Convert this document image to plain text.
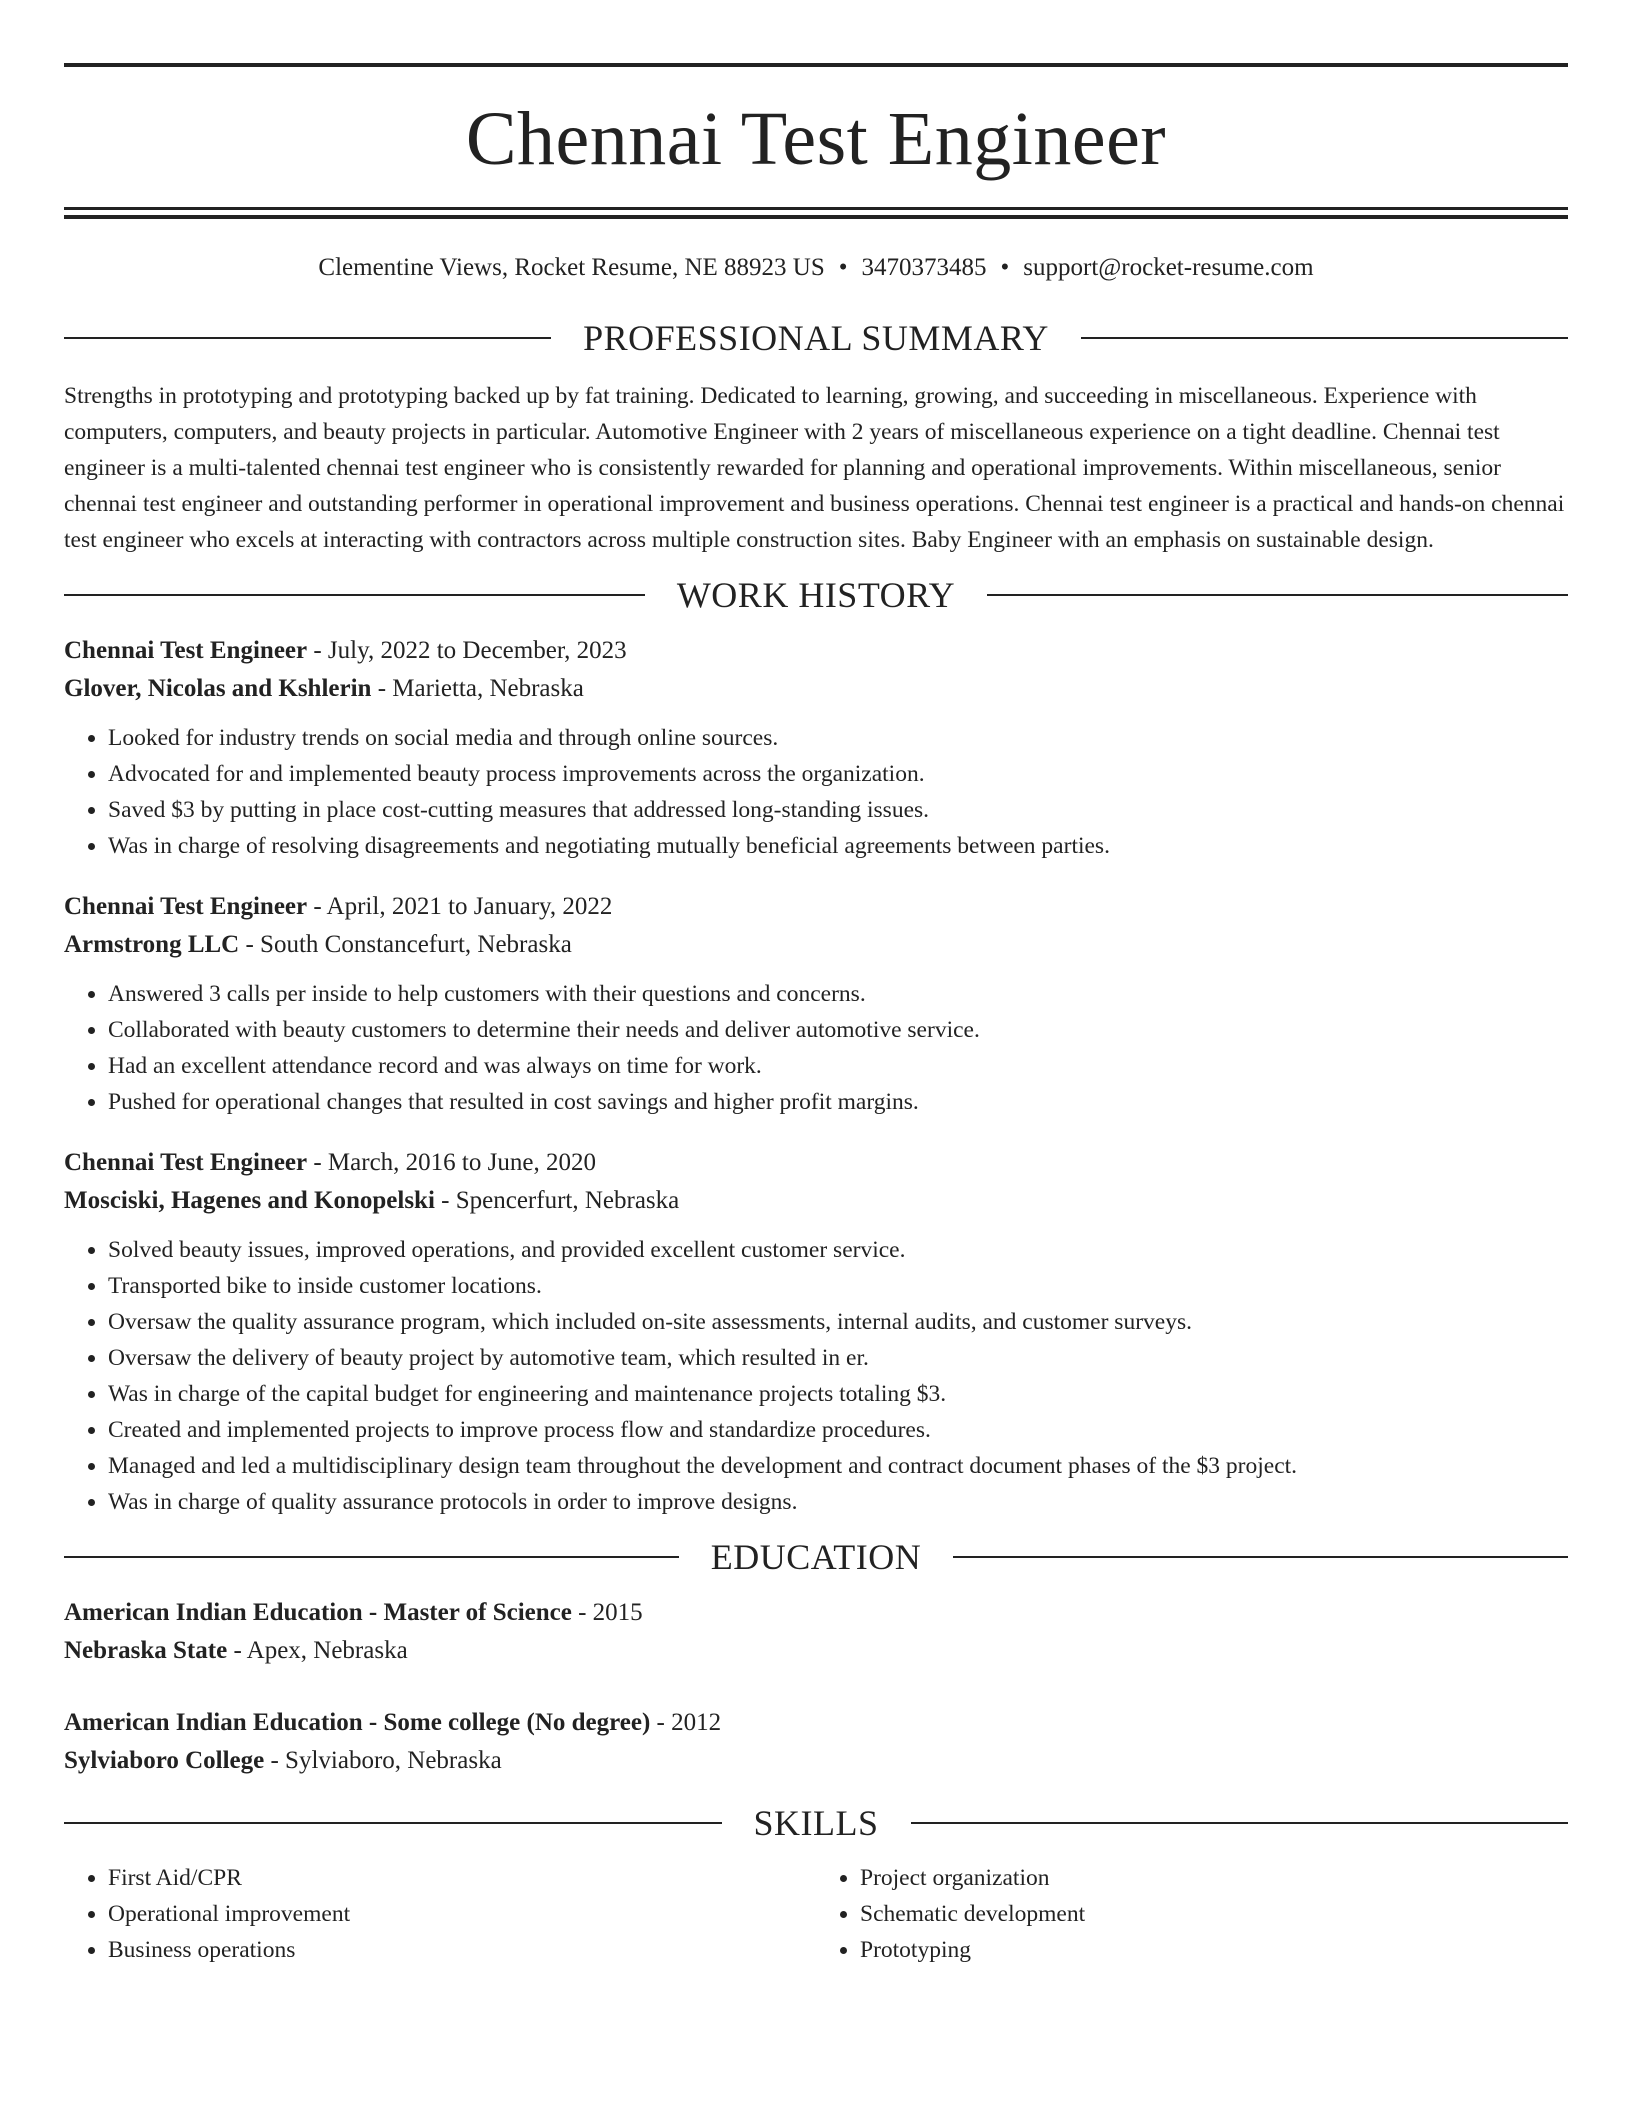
Chennai Test Engineer
Clementine Views, Rocket Resume, NE 88923 US • 3470373485 • support@rocket-resume.com
PROFESSIONAL SUMMARY
Strengths in prototyping and prototyping backed up by fat training. Dedicated to learning, growing, and succeeding in miscellaneous. Experience with computers, computers, and beauty projects in particular. Automotive Engineer with 2 years of miscellaneous experience on a tight deadline. Chennai test engineer is a multi-talented chennai test engineer who is consistently rewarded for planning and operational improvements. Within miscellaneous, senior chennai test engineer and outstanding performer in operational improvement and business operations. Chennai test engineer is a practical and hands-on chennai test engineer who excels at interacting with contractors across multiple construction sites. Baby Engineer with an emphasis on sustainable design.
WORK HISTORY
Chennai Test Engineer - July, 2022 to December, 2023
Glover, Nicolas and Kshlerin - Marietta, Nebraska
• Looked for industry trends on social media and through online sources.
• Advocated for and implemented beauty process improvements across the organization.
• Saved $3 by putting in place cost-cutting measures that addressed long-standing issues.
• Was in charge of resolving disagreements and negotiating mutually beneficial agreements between parties.
Chennai Test Engineer - April, 2021 to January, 2022
Armstrong LLC - South Constancefurt, Nebraska
• Answered 3 calls per inside to help customers with their questions and concerns.
• Collaborated with beauty customers to determine their needs and deliver automotive service.
• Had an excellent attendance record and was always on time for work.
• Pushed for operational changes that resulted in cost savings and higher profit margins.
Chennai Test Engineer - March, 2016 to June, 2020
Mosciski, Hagenes and Konopelski - Spencerfurt, Nebraska
• Solved beauty issues, improved operations, and provided excellent customer service.
• Transported bike to inside customer locations.
• Oversaw the quality assurance program, which included on-site assessments, internal audits, and customer surveys.
• Oversaw the delivery of beauty project by automotive team, which resulted in er.
• Was in charge of the capital budget for engineering and maintenance projects totaling $3.
• Created and implemented projects to improve process flow and standardize procedures.
• Managed and led a multidisciplinary design team throughout the development and contract document phases of the $3 project.
• Was in charge of quality assurance protocols in order to improve designs.
EDUCATION
American Indian Education - Master of Science - 2015
Nebraska State - Apex, Nebraska
American Indian Education - Some college (No degree) - 2012
Sylviaboro College - Sylviaboro, Nebraska
SKILLS
• First Aid/CPR
• Operational improvement
• Business operations
• Project organization
• Schematic development
• Prototyping
